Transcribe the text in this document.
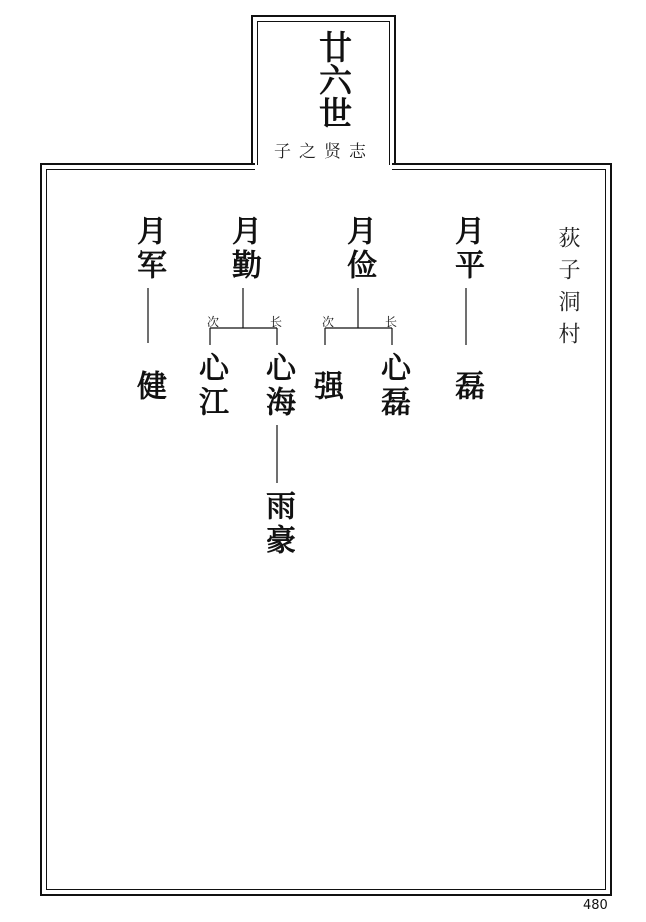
廿六世
子之贤志
荻子洞村
次	长	次	长
月军 月勤	月俭 月平
健 心江 心海 强 心磊 磊
雨豪
480
